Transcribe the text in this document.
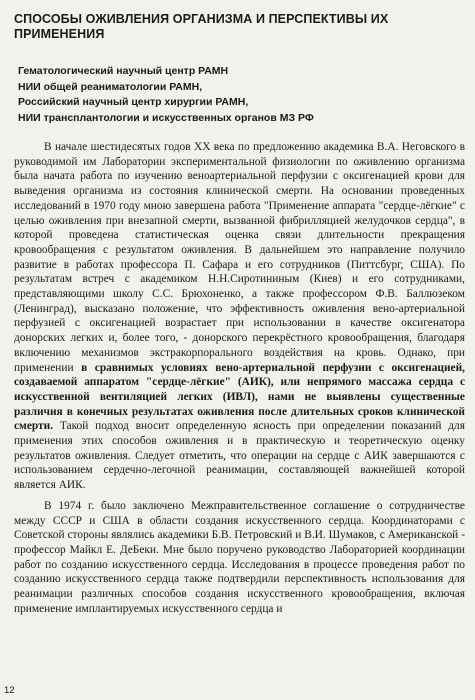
СПОСОБЫ ОЖИВЛЕНИЯ ОРГАНИЗМА И ПЕРСПЕКТИВЫ ИХ ПРИМЕНЕНИЯ
Гематологический научный центр РАМН
НИИ общей реаниматологии РАМН,
Российский научный центр хирургии РАМН,
НИИ трансплантологии и искусственных органов МЗ РФ

В начале шестидесятых годов XX века по предложению академика В.А. Неговского в руководимой им Лаборатории экспериментальной физиологии по оживлению организма была начата работа по изучению веноартериальной перфузии с оксигенацией крови для выведения организма из состояния клинической смерти. На основании проведенных исследований в 1970 году мною завершена работа "Применение аппарата "сердце-лёгкие" с целью оживления при внезапной смерти, вызванной фибрилляцией желудочков сердца", в которой проведена статистическая оценка связи длительности прекращения кровообращения с результатом оживления. В дальнейшем это направление получило развитие в работах профессора П. Сафара и его сотрудников (Питтсбург, США). По результатам встреч с академиком Н.Н.Сиротининым (Киев) и его сотрудниками, представляющими школу С.С. Брюхоненко, а также профессором Ф.В. Баллюзеком (Ленинград), высказано положение, что эффективность оживления вено-артериальной перфузией с оксигенацией возрастает при использовании в качестве оксигенатора донорских легких и, более того, - донорского перекрёстного кровообращения, благодаря включению механизмов экстракорпорального воздействия на кровь. Однако, при применении в сравнимых условиях вено-артериальной перфузии с оксигенацией, создаваемой аппаратом "сердце-лёгкие" (АИК), или непрямого массажа сердца с искусственной вентиляцией легких (ИВЛ), нами не выявлены существенные различия в конечных результатах оживления после длительных сроков клинической смерти. Такой подход вносит определенную ясность при определении показаний для применения этих способов оживления и в практическую и теоретическую оценку результатов оживления. Следует отметить, что операции на сердце с АИК завершаются с использованием сердечно-легочной реанимации, составляющей важнейшей которой является АИК.

В 1974 г. было заключено Межправительственное соглашение о сотрудничестве между СССР и США в области создания искусственного сердца. Координаторами с Советской стороны являлись академики Б.В. Петровский и В.И. Шумаков, с Американской - профессор Майкл Е. ДеБеки. Мне было поручено руководство Лабораторией координации работ по созданию искусственного сердца. Исследования в процессе проведения работ по созданию искусственного сердца также подтвердили перспективность использования для реанимации различных способов создания искусственного кровообращения, включая применение имплантируемых искусственного сердца и

12
